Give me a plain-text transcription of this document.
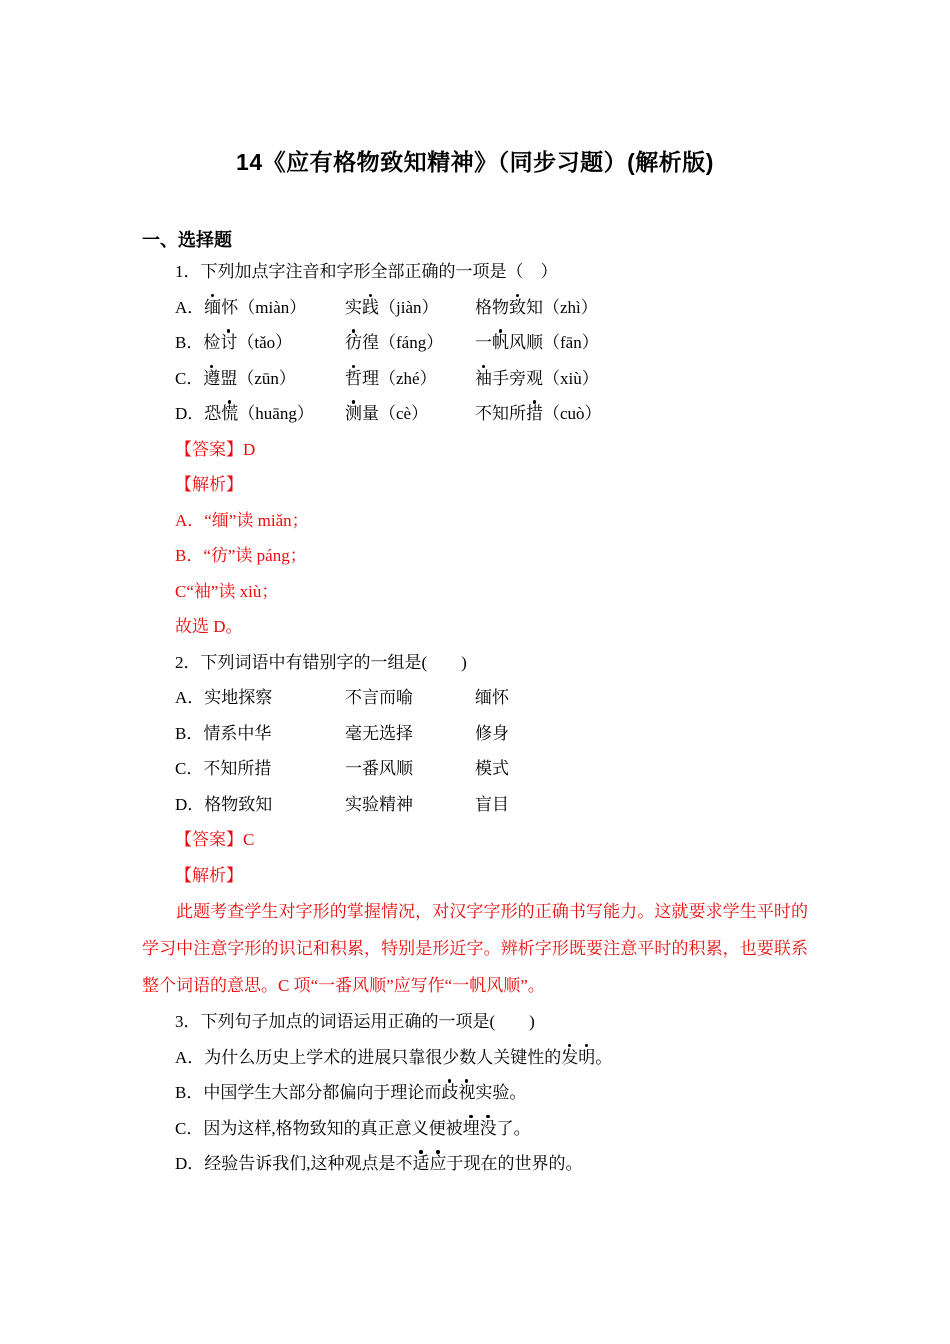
14《应有格物致知精神》（同步习题）(解析版)
一、选择题
1．下列加点字注音和字形全部正确的一项是（　）
A．缅怀（miàn）	实践（jiàn）	格物致知（zhì）
B．检讨（tǎo）	彷徨（fáng）	一帆风顺（fān）
C．遵盟（zūn）	哲理（zhé）	袖手旁观（xiù）
D．恐慌（huāng）	测量（cè）	不知所措（cuò）
【答案】D
【解析】
A．“缅”读 miǎn；
B．“彷”读 páng；
C“袖”读 xiù；
故选 D。
2．下列词语中有错别字的一组是(　　)
A．实地探察	不言而喻	缅怀
B．情系中华	毫无选择	修身
C．不知所措	一番风顺	模式
D．格物致知	实验精神	盲目
【答案】C
【解析】

此题考查学生对字形的掌握情况，对汉字字形的正确书写能力。这就要求学生平时的学习中注意字形的识记和积累，特别是形近字。辨析字形既要注意平时的积累，也要联系整个词语的意思。C 项“一番风顺”应写作“一帆风顺”。

3．下列句子加点的词语运用正确的一项是(　　)
A．为什么历史上学术的进展只靠很少数人关键性的发明。
B．中国学生大部分都偏向于理论而歧视实验。
C．因为这样,格物致知的真正意义便被埋没了。
D．经验告诉我们,这种观点是不适应于现在的世界的。
